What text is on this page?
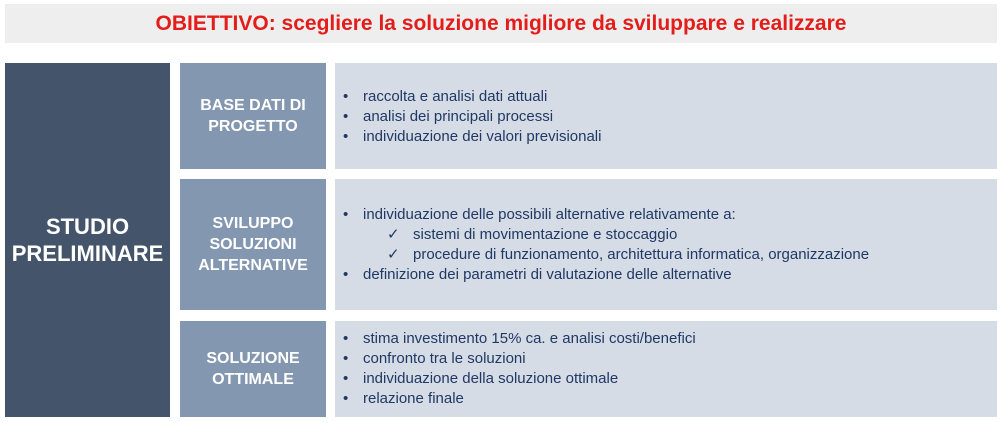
OBIETTIVO: scegliere la soluzione migliore da sviluppare e realizzare
STUDIO
PRELIMINARE
BASE DATI DI
PROGETTO
• raccolta e analisi dati attuali
• analisi dei principali processi
• individuazione dei valori previsionali
SVILUPPO
SOLUZIONI
ALTERNATIVE
• individuazione delle possibili alternative relativamente a:
✓ sistemi di movimentazione e stoccaggio
✓ procedure di funzionamento, architettura informatica, organizzazione
• definizione dei parametri di valutazione delle alternative
SOLUZIONE
OTTIMALE
• stima investimento 15% ca. e analisi costi/benefici
• confronto tra le soluzioni
• individuazione della soluzione ottimale
• relazione finale
